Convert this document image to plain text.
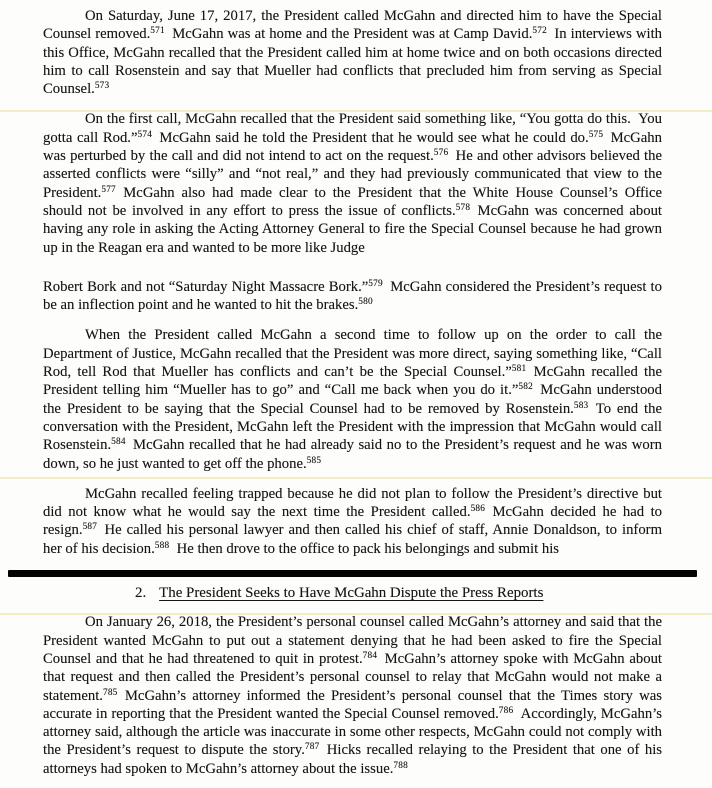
On Saturday, June 17, 2017, the President called McGahn and directed him to have the Special Counsel removed.$^{571}$ McGahn was at home and the President was at Camp David.$^{572}$ In interviews with this Office, McGahn recalled that the President called him at home twice and on both occasions directed him to call Rosenstein and say that Mueller had conflicts that precluded him from serving as Special Counsel.$^{573}$

On the first call, McGahn recalled that the President said something like, “You gotta do this. You gotta call Rod.”$^{574}$ McGahn said he told the President that he would see what he could do.$^{575}$ McGahn was perturbed by the call and did not intend to act on the request.$^{576}$ He and other advisors believed the asserted conflicts were “silly” and “not real,” and they had previously communicated that view to the President.$^{577}$ McGahn also had made clear to the President that the White House Counsel’s Office should not be involved in any effort to press the issue of conflicts.$^{578}$ McGahn was concerned about having any role in asking the Acting Attorney General to fire the Special Counsel because he had grown up in the Reagan era and wanted to be more like Judge

Robert Bork and not “Saturday Night Massacre Bork.”$^{579}$ McGahn considered the President’s request to be an inflection point and he wanted to hit the brakes.$^{580}$

When the President called McGahn a second time to follow up on the order to call the Department of Justice, McGahn recalled that the President was more direct, saying something like, “Call Rod, tell Rod that Mueller has conflicts and can’t be the Special Counsel.”$^{581}$ McGahn recalled the President telling him “Mueller has to go” and “Call me back when you do it.”$^{582}$ McGahn understood the President to be saying that the Special Counsel had to be removed by Rosenstein.$^{583}$ To end the conversation with the President, McGahn left the President with the impression that McGahn would call Rosenstein.$^{584}$ McGahn recalled that he had already said no to the President’s request and he was worn down, so he just wanted to get off the phone.$^{585}$

McGahn recalled feeling trapped because he did not plan to follow the President’s directive but did not know what he would say the next time the President called.$^{586}$ McGahn decided he had to resign.$^{587}$ He called his personal lawyer and then called his chief of staff, Annie Donaldson, to inform her of his decision.$^{588}$ He then drove to the office to pack his belongings and submit his

2. The President Seeks to Have McGahn Dispute the Press Reports

On January 26, 2018, the President’s personal counsel called McGahn’s attorney and said that the President wanted McGahn to put out a statement denying that he had been asked to fire the Special Counsel and that he had threatened to quit in protest.$^{784}$ McGahn’s attorney spoke with McGahn about that request and then called the President’s personal counsel to relay that McGahn would not make a statement.$^{785}$ McGahn’s attorney informed the President’s personal counsel that the Times story was accurate in reporting that the President wanted the Special Counsel removed.$^{786}$ Accordingly, McGahn’s attorney said, although the article was inaccurate in some other respects, McGahn could not comply with the President’s request to dispute the story.$^{787}$ Hicks recalled relaying to the President that one of his attorneys had spoken to McGahn’s attorney about the issue.$^{788}$
